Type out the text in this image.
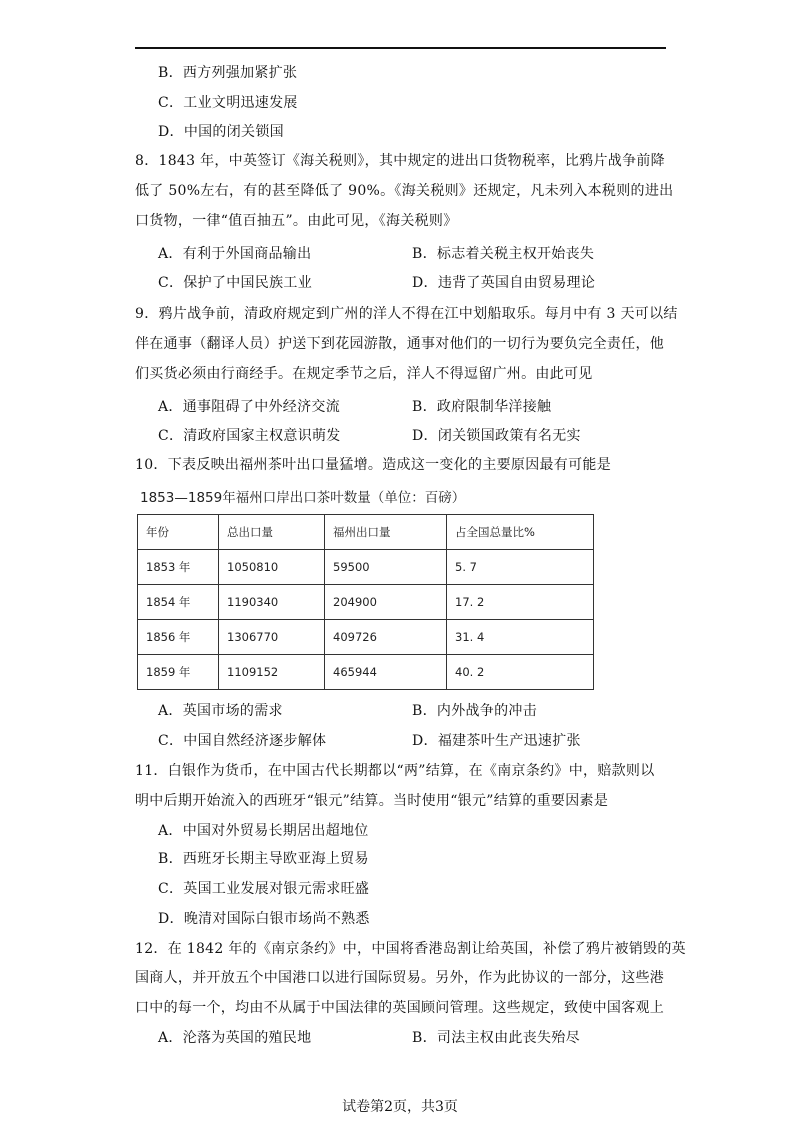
B．西方列强加紧扩张
C．工业文明迅速发展
D．中国的闭关锁国
8．1843 年，中英签订《海关税则》，其中规定的进出口货物税率，比鸦片战争前降
低了 50%左右，有的甚至降低了 90%。《海关税则》还规定，凡未列入本税则的进出
口货物，一律“值百抽五”。由此可见，《海关税则》
A．有利于外国商品输出	B．标志着关税主权开始丧失
C．保护了中国民族工业	D．违背了英国自由贸易理论
9．鸦片战争前，清政府规定到广州的洋人不得在江中划船取乐。每月中有 3 天可以结
伴在通事（翻译人员）护送下到花园游散，通事对他们的一切行为要负完全责任，他
们买货必须由行商经手。在规定季节之后，洋人不得逗留广州。由此可见
A．通事阻碍了中外经济交流	B．政府限制华洋接触
C．清政府国家主权意识萌发	D．闭关锁国政策有名无实
10．下表反映出福州茶叶出口量猛增。造成这一变化的主要原因最有可能是
1853—1859年福州口岸出口茶叶数量（单位：百磅）
年份	总出口量	福州出口量	占全国总量比%
1853 年	1050810	59500	5. 7
1854 年	1190340	204900	17. 2
1856 年	1306770	409726	31. 4
1859 年	1109152	465944	40. 2
A．英国市场的需求	B．内外战争的冲击
C．中国自然经济逐步解体	D．福建茶叶生产迅速扩张
11．白银作为货币，在中国古代长期都以“两”结算，在《南京条约》中，赔款则以
明中后期开始流入的西班牙“银元”结算。当时使用“银元”结算的重要因素是
A．中国对外贸易长期居出超地位
B．西班牙长期主导欧亚海上贸易
C．英国工业发展对银元需求旺盛
D．晚清对国际白银市场尚不熟悉
12．在 1842 年的《南京条约》中，中国将香港岛割让给英国，补偿了鸦片被销毁的英
国商人，并开放五个中国港口以进行国际贸易。另外，作为此协议的一部分，这些港
口中的每一个，均由不从属于中国法律的英国顾问管理。这些规定，致使中国客观上
A．沦落为英国的殖民地	B．司法主权由此丧失殆尽
试卷第2页，共3页
